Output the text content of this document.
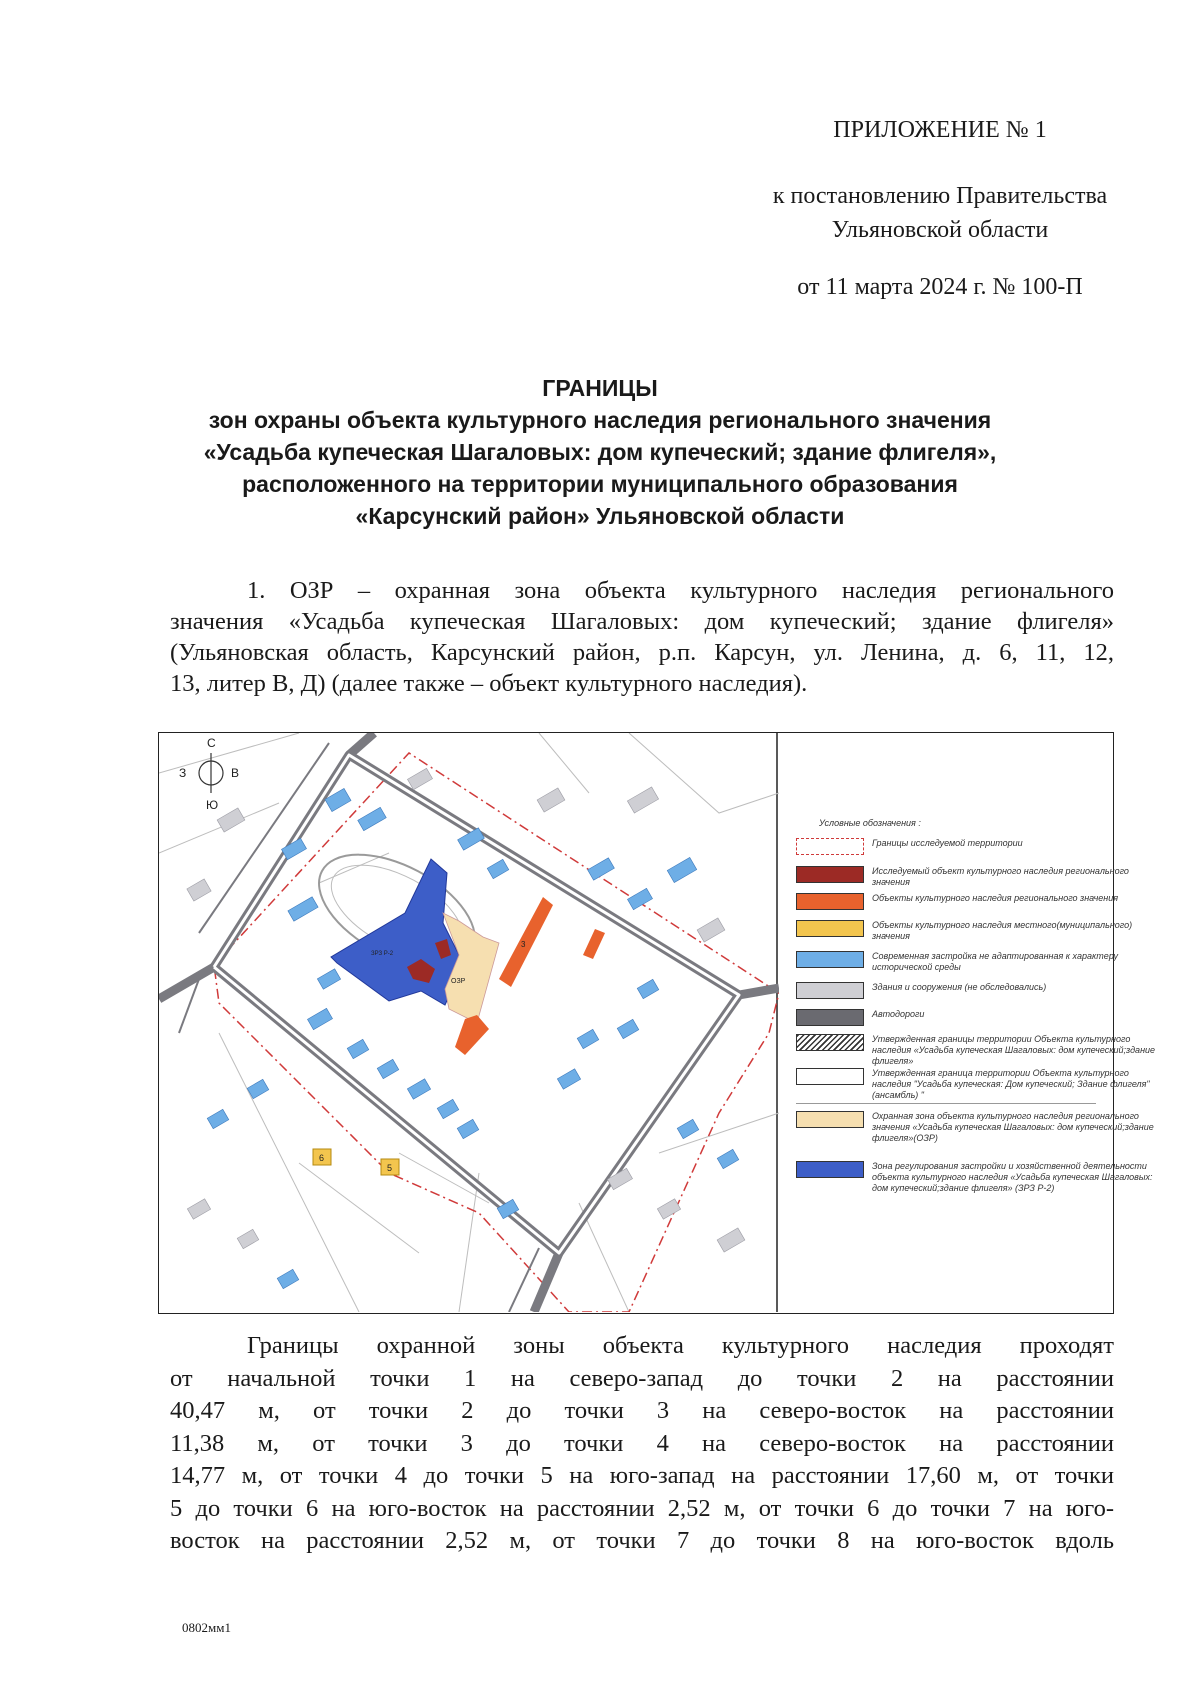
ПРИЛОЖЕНИЕ № 1
к постановлению Правительства
Ульяновской области
от 11 марта 2024 г. № 100-П
ГРАНИЦЫ
зон охраны объекта культурного наследия регионального значения
«Усадьба купеческая Шагаловых: дом купеческий; здание флигеля»,
расположенного на территории муниципального образования
«Карсунский район» Ульяновской области
1. ОЗР – охранная зона объекта культурного наследия регионального
значения «Усадьба купеческая Шагаловых: дом купеческий; здание флигеля»
(Ульяновская область, Карсунский район, р.п. Карсун, ул. Ленина, д. 6, 11, 12,
13, литер В, Д) (далее также – объект культурного наследия).
ОЗР
ЗРЗ Р-2
3
5
6
С
Ю
З	В
Условные обозначения :
Границы исследуемой территории
Исследуемый объект культурного наследия регионального значения
Объекты культурного наследия регионального значения
Объекты культурного наследия местного(муниципального) значения
Современная застройка не адаптированная к характеру исторической среды
Здания и сооружения (не обследовались)
Автодороги
Утвержденная границы территории Объекта культурного наследия «Усадьба купеческая Шагаловых: дом купеческий;здание флигеля»
Утвержденная граница территории Объекта культурного наследия "Усадьба купеческая: Дом купеческий; Здание флигеля"(ансамбль) "
Охранная зона объекта культурного наследия регионального значения «Усадьба купеческая Шагаловых: дом купеческий;здание флигеля»(ОЗР)
Зона регулирования застройки и хозяйственной деятельности объекта культурного наследия «Усадьба купеческая Шагаловых: дом купеческий;здание флигеля» (ЗРЗ Р-2)
Границы охранной зоны объекта культурного наследия проходят
от начальной точки 1 на северо-запад до точки 2 на расстоянии
40,47 м, от точки 2 до точки 3 на северо-восток на расстоянии
11,38 м, от точки 3 до точки 4 на северо-восток на расстоянии
14,77 м, от точки 4 до точки 5 на юго-запад на расстоянии 17,60 м, от точки
5 до точки 6 на юго-восток на расстоянии 2,52 м, от точки 6 до точки 7 на юго-
восток на расстоянии 2,52 м, от точки 7 до точки 8 на юго-восток вдоль
0802мм1
